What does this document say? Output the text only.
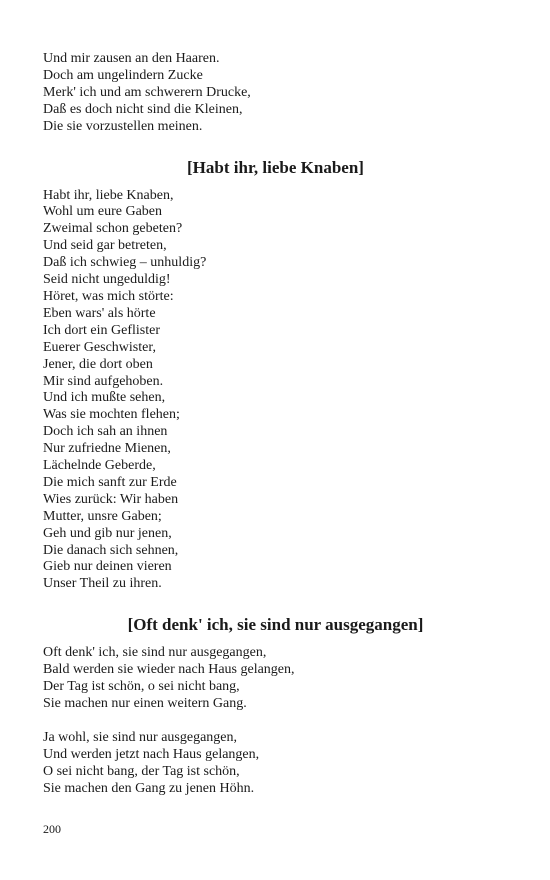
Und mir zausen an den Haaren.
Doch am ungelindern Zucke
Merk' ich und am schwerern Drucke,
Daß es doch nicht sind die Kleinen,
Die sie vorzustellen meinen.
[Habt ihr, liebe Knaben]
Habt ihr, liebe Knaben,
Wohl um eure Gaben
Zweimal schon gebeten?
Und seid gar betreten,
Daß ich schwieg – unhuldig?
Seid nicht ungeduldig!
Höret, was mich störte:
Eben wars' als hörte
Ich dort ein Geflister
Euerer Geschwister,
Jener, die dort oben
Mir sind aufgehoben.
Und ich mußte sehen,
Was sie mochten flehen;
Doch ich sah an ihnen
Nur zufriedne Mienen,
Lächelnde Geberde,
Die mich sanft zur Erde
Wies zurück: Wir haben
Mutter, unsre Gaben;
Geh und gib nur jenen,
Die danach sich sehnen,
Gieb nur deinen vieren
Unser Theil zu ihren.
[Oft denk' ich, sie sind nur ausgegangen]
Oft denk' ich, sie sind nur ausgegangen,
Bald werden sie wieder nach Haus gelangen,
Der Tag ist schön, o sei nicht bang,
Sie machen nur einen weitern Gang.
Ja wohl, sie sind nur ausgegangen,
Und werden jetzt nach Haus gelangen,
O sei nicht bang, der Tag ist schön,
Sie machen den Gang zu jenen Höhn.
200
